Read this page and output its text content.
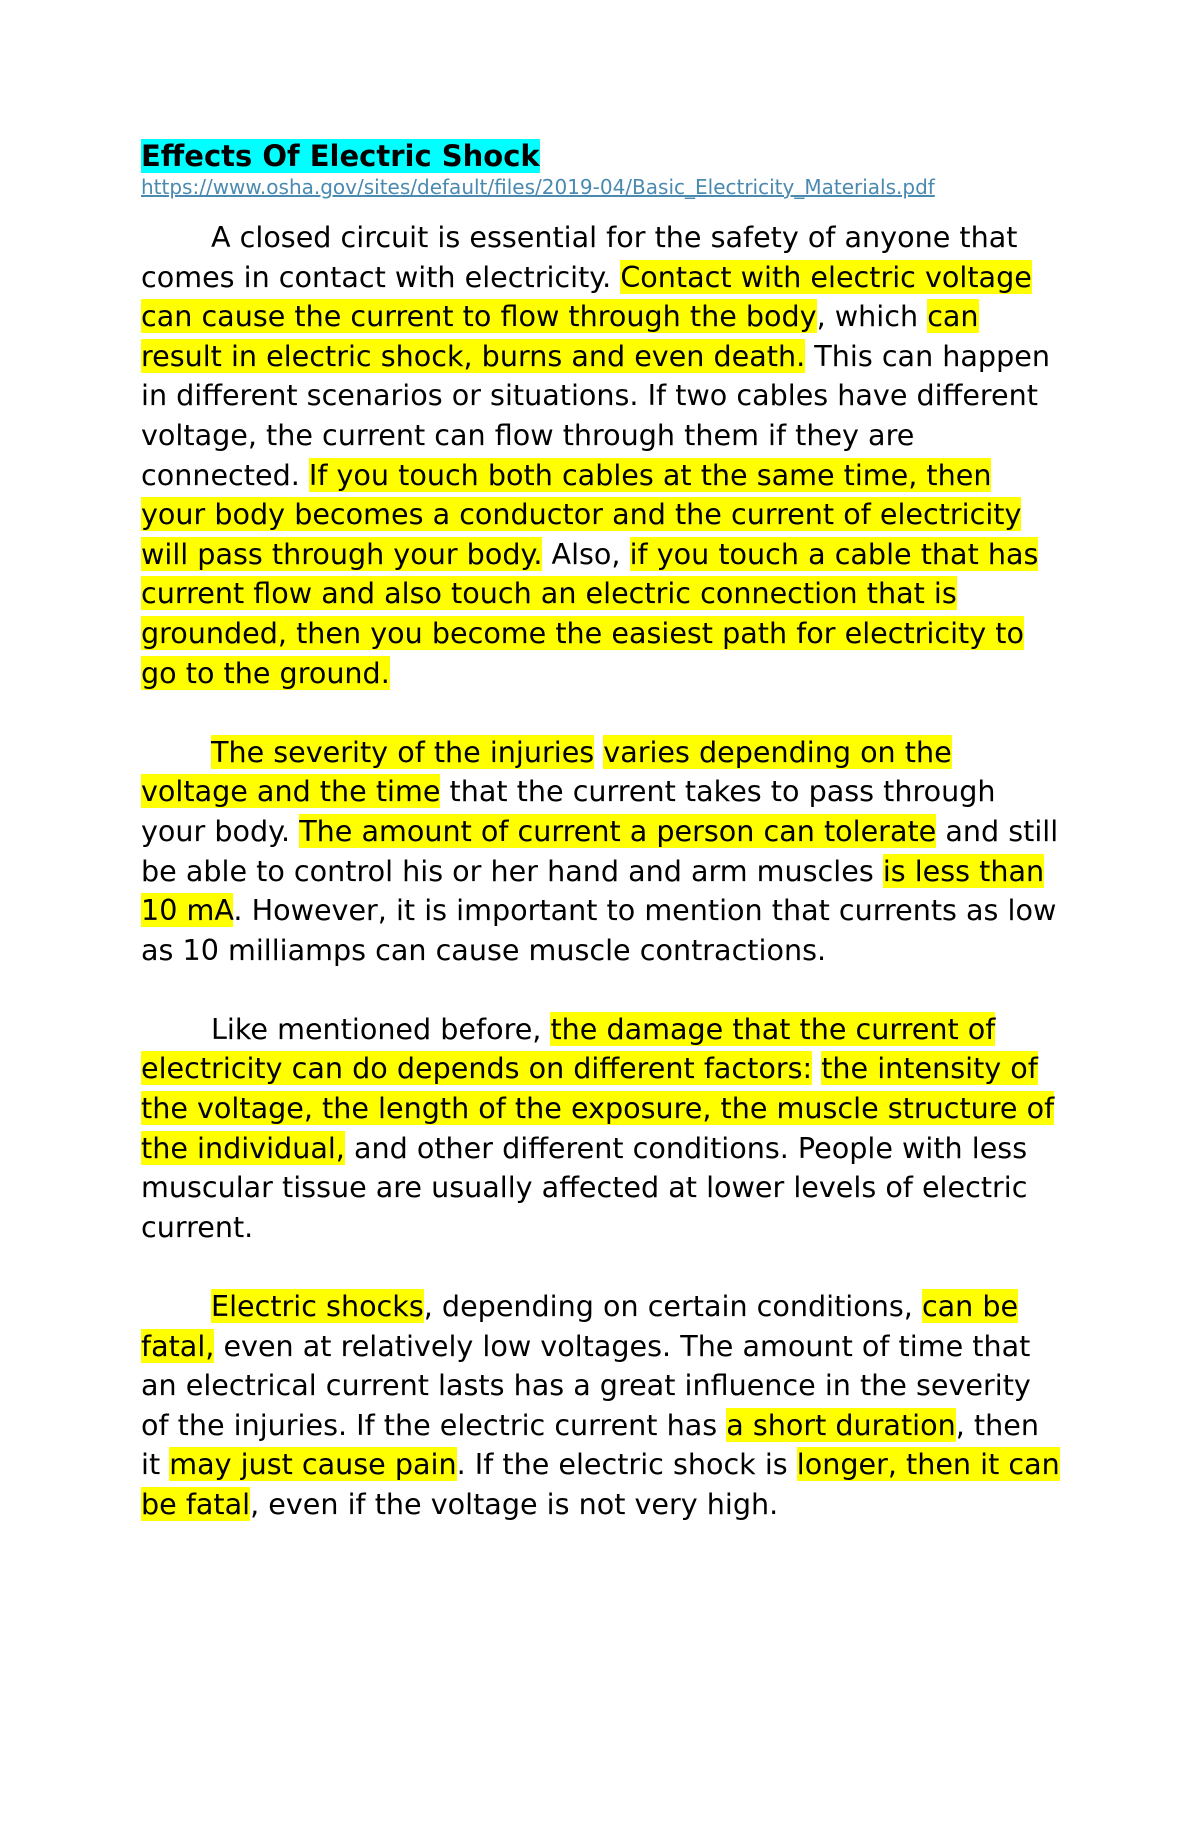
Effects Of Electric Shock
https://www.osha.gov/sites/default/files/2019-04/Basic_Electricity_Materials.pdf

A closed circuit is essential for the safety of anyone that comes in contact with electricity. Contact with electric voltage can cause the current to flow through the body, which can result in electric shock, burns and even death. This can happen in different scenarios or situations. If two cables have different voltage, the current can flow through them if they are connected. If you touch both cables at the same time, then your body becomes a conductor and the current of electricity will pass through your body. Also, if you touch a cable that has current flow and also touch an electric connection that is grounded, then you become the easiest path for electricity to go to the ground.

The severity of the injuries varies depending on the voltage and the time that the current takes to pass through your body. The amount of current a person can tolerate and still be able to control his or her hand and arm muscles is less than 10 mA. However, it is important to mention that currents as low as 10 milliamps can cause muscle contractions.

Like mentioned before, the damage that the current of electricity can do depends on different factors: the intensity of the voltage, the length of the exposure, the muscle structure of the individual, and other different conditions. People with less muscular tissue are usually affected at lower levels of electric current.

Electric shocks, depending on certain conditions, can be fatal, even at relatively low voltages. The amount of time that an electrical current lasts has a great influence in the severity of the injuries. If the electric current has a short duration, then it may just cause pain. If the electric shock is longer, then it can be fatal, even if the voltage is not very high.
